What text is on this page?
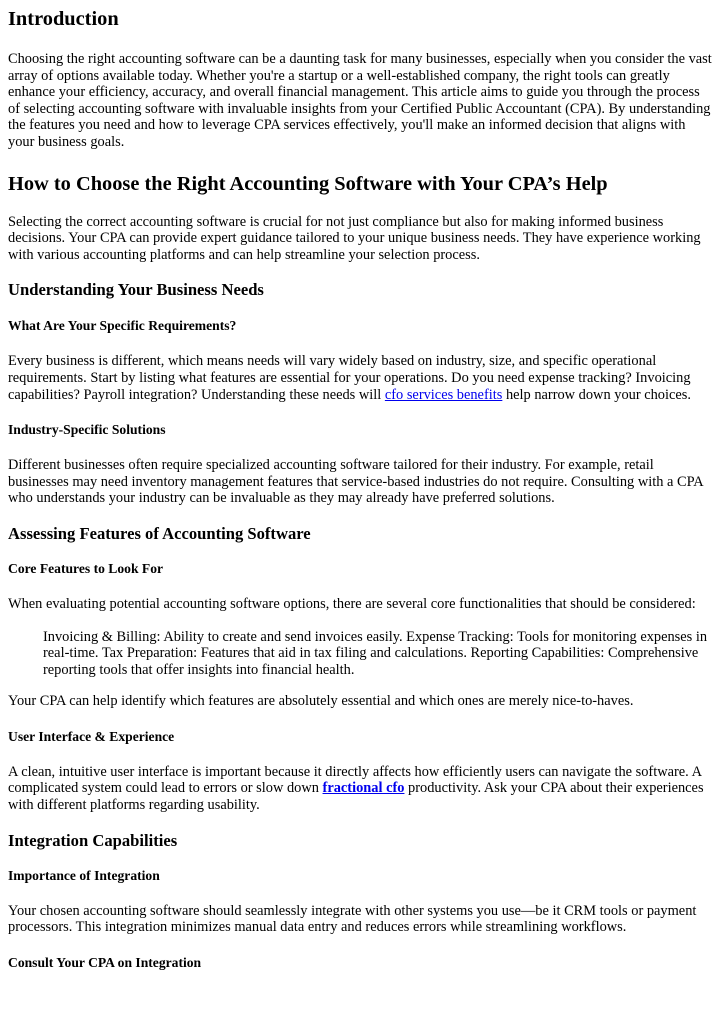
Introduction

Choosing the right accounting software can be a daunting task for many businesses, especially when you consider the vast array of options available today. Whether you're a startup or a well-established company, the right tools can greatly enhance your efficiency, accuracy, and overall financial management. This article aims to guide you through the process of selecting accounting software with invaluable insights from your Certified Public Accountant (CPA). By understanding the features you need and how to leverage CPA services effectively, you'll make an informed decision that aligns with your business goals.

How to Choose the Right Accounting Software with Your CPA’s Help

Selecting the correct accounting software is crucial for not just compliance but also for making informed business decisions. Your CPA can provide expert guidance tailored to your unique business needs. They have experience working with various accounting platforms and can help streamline your selection process.

Understanding Your Business Needs
What Are Your Specific Requirements?

Every business is different, which means needs will vary widely based on industry, size, and specific operational requirements. Start by listing what features are essential for your operations. Do you need expense tracking? Invoicing capabilities? Payroll integration? Understanding these needs will cfo services benefits help narrow down your choices.

Industry-Specific Solutions

Different businesses often require specialized accounting software tailored for their industry. For example, retail businesses may need inventory management features that service-based industries do not require. Consulting with a CPA who understands your industry can be invaluable as they may already have preferred solutions.

Assessing Features of Accounting Software
Core Features to Look For

When evaluating potential accounting software options, there are several core functionalities that should be considered:

Invoicing & Billing: Ability to create and send invoices easily. Expense Tracking: Tools for monitoring expenses in real-time. Tax Preparation: Features that aid in tax filing and calculations. Reporting Capabilities: Comprehensive reporting tools that offer insights into financial health.

Your CPA can help identify which features are absolutely essential and which ones are merely nice-to-haves.

User Interface & Experience

A clean, intuitive user interface is important because it directly affects how efficiently users can navigate the software. A complicated system could lead to errors or slow down fractional cfo productivity. Ask your CPA about their experiences with different platforms regarding usability.

Integration Capabilities
Importance of Integration

Your chosen accounting software should seamlessly integrate with other systems you use—be it CRM tools or payment processors. This integration minimizes manual data entry and reduces errors while streamlining workflows.

Consult Your CPA on Integration
